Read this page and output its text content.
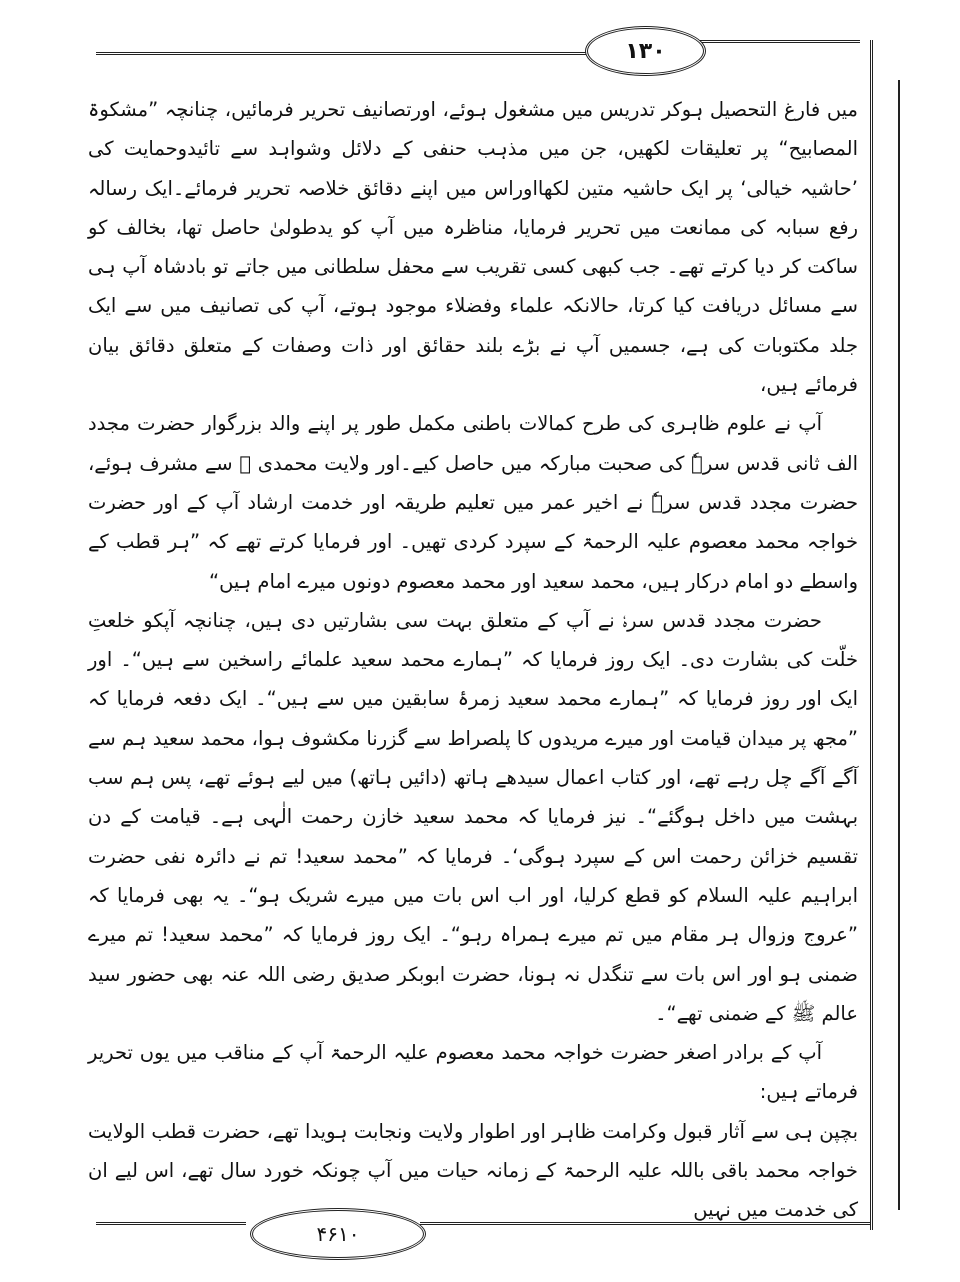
۱۳۰
۴۶۱۰

میں فارغ التحصیل ہوکر تدریس میں مشغول ہوئے، اورتصانیف تحریر فرمائیں، چنانچہ ”مشکوۃ المصابیح“ پر تعلیقات لکھیں، جن میں مذہب حنفی کے دلائل وشواہد سے تائیدوحمایت کی ’حاشیہ خیالی‘ پر ایک حاشیہ متین لکھااوراس میں اپنے دقائق خلاصہ تحریر فرمائے۔ایک رسالہ رفع سبابہ کی ممانعت میں تحریر فرمایا، مناظرہ میں آپ کو یدطولیٰ حاصل تھا، بخالف کو ساکت کر دیا کرتے تھے۔ جب کبھی کسی تقریب سے محفل سلطانی میں جاتے تو بادشاہ آپ ہی سے مسائل دریافت کیا کرتا، حالانکہ علماء وفضلاء موجود ہوتے، آپ کی تصانیف میں سے ایک جلد مکتوبات کی ہے، جسمیں آپ نے بڑے بلند حقائق اور ذات وصفات کے متعلق دقائق بیان فرمائے ہیں،

آپ نے علوم ظاہری کی طرح کمالات باطنی مکمل طور پر اپنے والد بزرگوار حضرت مجدد الف ثانی قدس سرہٗ کی صحبت مبارکہ میں حاصل کیے۔اور ولایت محمدی ﷺ سے مشرف ہوئے، حضرت مجدد قدس سرہٗ نے اخیر عمر میں تعلیم طریقہ اور خدمت ارشاد آپ کے اور حضرت خواجہ محمد معصوم علیہ الرحمۃ کے سپرد کردی تھیں۔ اور فرمایا کرتے تھے کہ ”ہر قطب کے واسطے دو امام درکار ہیں، محمد سعید اور محمد معصوم دونوں میرے امام ہیں“

حضرت مجدد قدس سرہٗ نے آپ کے متعلق بہت سی بشارتیں دی ہیں، چنانچہ آپکو خلعتِ خلّت کی بشارت دی۔ ایک روز فرمایا کہ ”ہمارے محمد سعید علمائے راسخین سے ہیں“۔ اور ایک اور روز فرمایا کہ ”ہمارے محمد سعید زمرۂ سابقین میں سے ہیں“۔ ایک دفعہ فرمایا کہ ”مجھ پر میدان قیامت اور میرے مریدوں کا پلصراط سے گزرنا مکشوف ہوا، محمد سعید ہم سے آگے آگے چل رہے تھے، اور کتاب اعمال سیدھے ہاتھ (دائیں ہاتھ) میں لیے ہوئے تھے، پس ہم سب بہشت میں داخل ہوگئے“۔ نیز فرمایا کہ محمد سعید خازن رحمت الٰہی ہے۔ قیامت کے دن تقسیم خزائن رحمت اس کے سپرد ہوگی‘۔ فرمایا کہ ”محمد سعید! تم نے دائرہ نفی حضرت ابراہیم علیہ السلام کو قطع کرلیا، اور اب اس بات میں میرے شریک ہو“۔ یہ بھی فرمایا کہ ”عروج وزوال ہر مقام میں تم میرے ہمراہ رہو“۔ ایک روز فرمایا کہ ”محمد سعید! تم میرے ضمنی ہو اور اس بات سے تنگدل نہ ہونا، حضرت ابوبکر صدیق رضی اللہ عنہ بھی حضور سید عالم ﷺ کے ضمنی تھے“۔

آپ کے برادر اصغر حضرت خواجہ محمد معصوم علیہ الرحمۃ آپ کے مناقب میں یوں تحریر فرماتے ہیں:

بچپن ہی سے آثار قبول وکرامت ظاہر اور اطوار ولایت ونجابت ہویدا تھے، حضرت قطب الولایت خواجہ محمد باقی باللہ علیہ الرحمۃ کے زمانہ حیات میں آپ چونکہ خورد سال تھے، اس لیے ان کی خدمت میں نہیں
